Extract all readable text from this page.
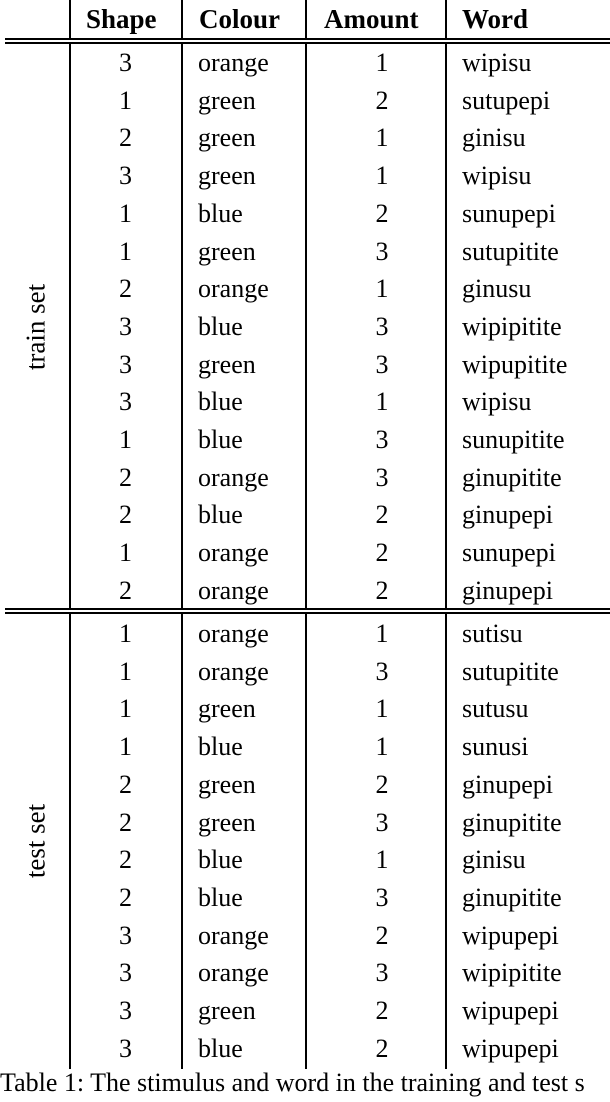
Shape Colour Amount Word
3	orange	1	wipisu
1	green	2	sutupepi
2	green	1	ginisu
3	green	1	wipisu
1	blue	2	sunupepi
1	green	3	sutupitite
2	orange	1	ginusu
3	blue	3	wipipitite
3	green	3	wipupitite
3	blue	1	wipisu
1	blue	3	sunupitite
2	orange	3	ginupitite
2	blue	2	ginupepi
1	orange	2	sunupepi
2	orange	2	ginupepi
train set
1	orange	1	sutisu
1	orange	3	sutupitite
1	green	1	sutusu
1	blue	1	sunusi
2	green	2	ginupepi
2	green	3	ginupitite
2	blue	1	ginisu
2	blue	3	ginupitite
3	orange	2	wipupepi
3	orange	3	wipipitite
3	green	2	wipupepi
3	blue	2	wipupepi
test set
Table 1: The stimulus and word in the training and test s
